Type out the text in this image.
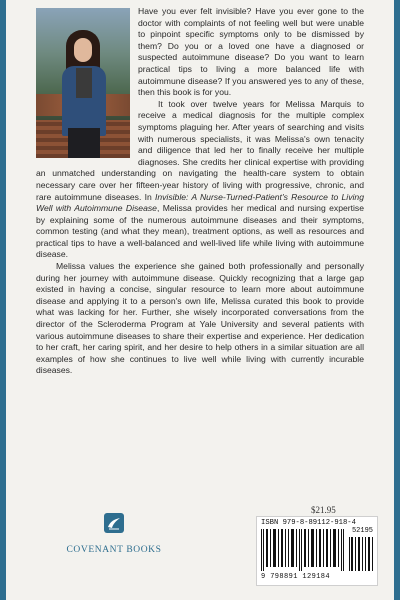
Have you ever felt invisible? Have you ever gone to the doctor with complaints of not feeling well but were unable to pinpoint specific symptoms only to be dismissed by them? Do you or a loved one have a diagnosed or suspected autoimmune disease? Do you want to learn practical tips to living a more balanced life with autoimmune disease? If you answered yes to any of these, then this book is for you.

It took over twelve years for Melissa Marquis to receive a medical diagnosis for the multiple complex symptoms plaguing her. After years of searching and visits with numerous specialists, it was Melissa's own tenacity and diligence that led her to finally receive her multiple diagnoses. She credits her clinical expertise with providing an unmatched understanding on navigating the health-care system to obtain necessary care over her fifteen-year history of living with progressive, chronic, and rare autoimmune diseases. In Invisible: A Nurse-Turned-Patient's Resource to Living Well with Autoimmune Disease, Melissa provides her medical and nursing expertise by explaining some of the numerous autoimmune diseases and their symptoms, common testing (and what they mean), treatment options, as well as resources and practical tips to have a well-balanced and well-lived life while living with autoimmune disease.

Melissa values the experience she gained both professionally and personally during her journey with autoimmune disease. Quickly recognizing that a large gap existed in having a concise, singular resource to learn more about autoimmune disease and applying it to a person's own life, Melissa curated this book to provide what was lacking for her. Further, she wisely incorporated conversations from the director of the Scleroderma Program at Yale University and several patients with various autoimmune diseases to share their expertise and experience. Her dedication to her craft, her caring spirit, and her desire to help others in a similar situation are all examples of how she continues to live well while living with currently incurable diseases.

$21.95
ISBN 979-8-89112-918-4
52195
9 798891 129184
COVENANT BOOKS
